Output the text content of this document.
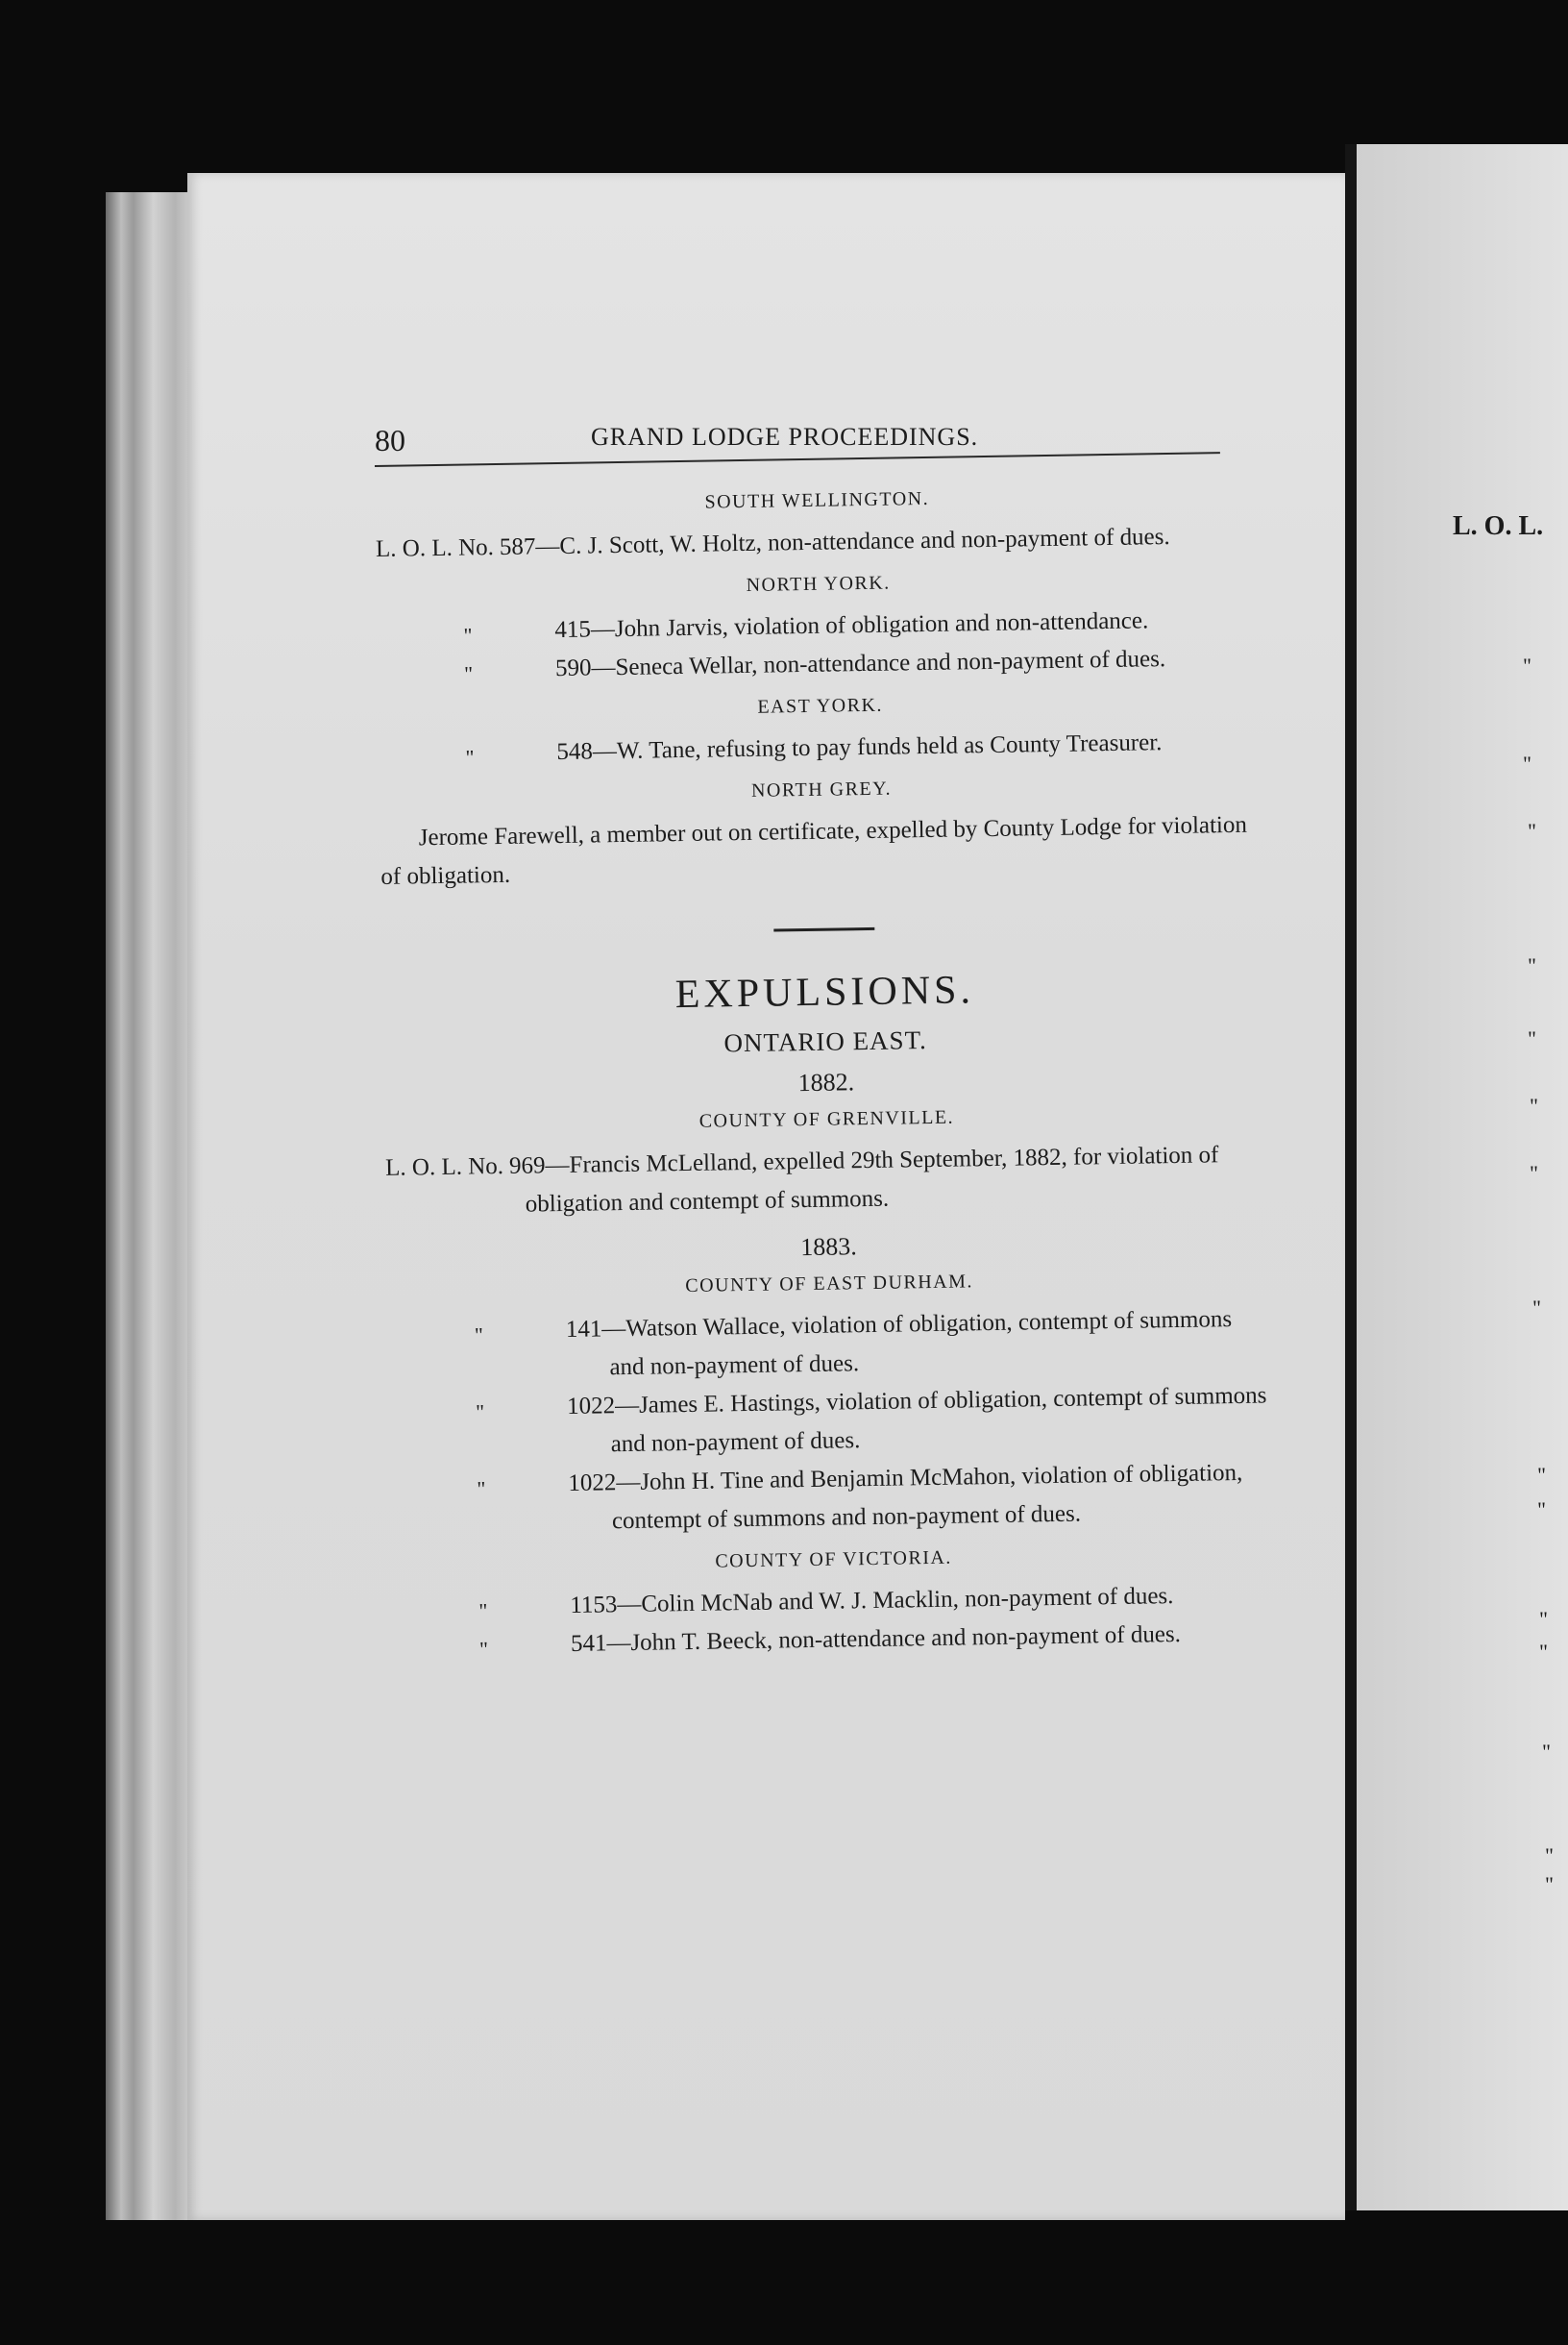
80	GRAND LODGE PROCEEDINGS.
SOUTH WELLINGTON.
L. O. L. No. 587—C. J. Scott, W. Holtz, non-attendance and non-payment of dues.
NORTH YORK.
"	415—John Jarvis, violation of obligation and non-attendance.
"	590—Seneca Wellar, non-attendance and non-payment of dues.
EAST YORK.
"	548—W. Tane, refusing to pay funds held as County Treasurer.
NORTH GREY.

Jerome Farewell, a member out on certificate, expelled by County Lodge for violation of obligation.

EXPULSIONS.
ONTARIO EAST.
1882.
COUNTY OF GRENVILLE.
L. O. L. No. 969—Francis McLelland, expelled 29th September, 1882, for violation of obligation and contempt of summons.
1883.
COUNTY OF EAST DURHAM.
"	141—Watson Wallace, violation of obligation, contempt of summons and non-payment of dues.
"	1022—James E. Hastings, violation of obligation, contempt of summons and non-payment of dues.
"	1022—John H. Tine and Benjamin McMahon, violation of obligation, contempt of summons and non-payment of dues.
COUNTY OF VICTORIA.
"	1153—Colin McNab and W. J. Macklin, non-payment of dues.
"	541—John T. Beeck, non-attendance and non-payment of dues.
L. O. L.
"
"
"
"
"
"
"
"
"
"
"
"
"
"
"
